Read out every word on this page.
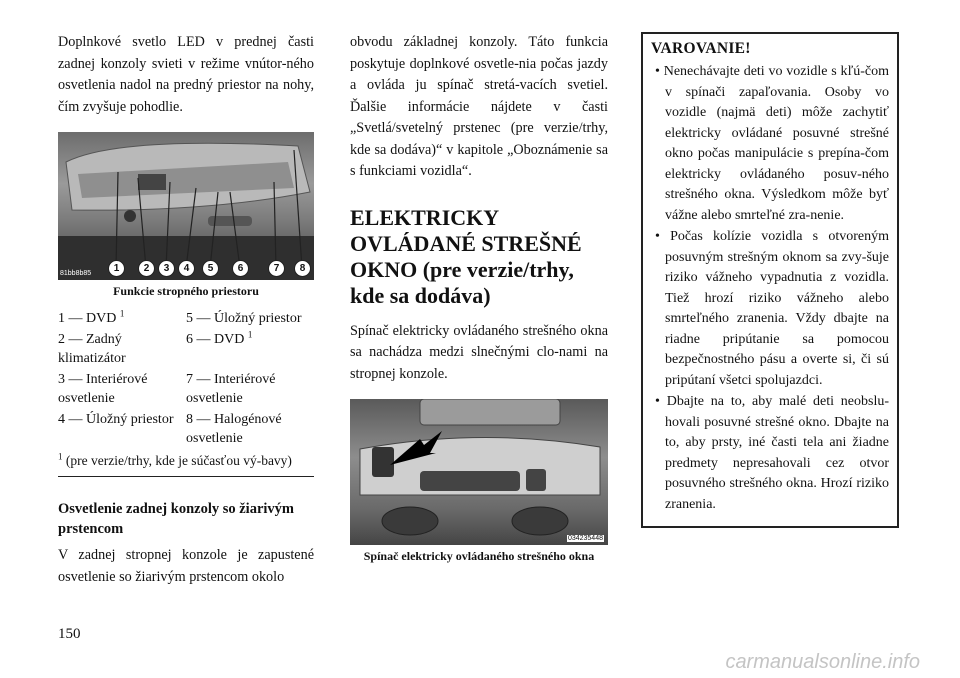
Doplnkové svetlo LED v prednej časti zadnej konzoly svieti v režime vnútor-ného osvetlenia nadol na predný priestor na nohy, čím zvyšuje pohodlie.

81bb8b85	1	2	3	4	5	6	7	8
Funkcie stropného priestoru
1 — DVD $^1$	5 — Úložný priestor
2 — Zadný klimatizátor	6 — DVD $^1$
3 — Interiérové osvetlenie	7 — Interiérové osvetlenie
4 — Úložný priestor	8 — Halogénové osvetlenie
$^1$ (pre verzie/trhy, kde je súčasťou vý-bavy)
Osvetlenie zadnej konzoly so žiarivým prstencom

V zadnej stropnej konzole je zapustené osvetlenie so žiarivým prstencom okolo

obvodu základnej konzoly. Táto funkcia poskytuje doplnkové osvetle-nia počas jazdy a ovláda ju spínač stretá-vacích svetiel. Ďalšie informácie nájdete v časti „Svetlá/svetelný prstenec (pre verzie/trhy, kde sa dodáva)“ v kapitole „Oboznámenie sa s funkciami vozidla“.

ELEKTRICKY OVLÁDANÉ STREŠNÉ OKNO (pre verzie/trhy, kde sa dodáva)

Spínač elektricky ovládaného strešného okna sa nachádza medzi slnečnými clo-nami na stropnej konzole.

034235448
Spínač elektricky ovládaného strešného okna
VAROVANIE!
• Nenechávajte deti vo vozidle s kľú-čom v spínači zapaľovania. Osoby vo vozidle (najmä deti) môže zachytiť elektricky ovládané posuvné strešné okno počas manipulácie s prepína-čom elektricky ovládaného posuv-ného strešného okna. Výsledkom môže byť vážne alebo smrteľné zra-nenie.
• Počas kolízie vozidla s otvoreným posuvným strešným oknom sa zvy-šuje riziko vážneho vypadnutia z vozidla. Tiež hrozí riziko vážneho alebo smrteľného zranenia. Vždy dbajte na riadne pripútanie sa pomocou bezpečnostného pásu a overte si, či sú pripútaní všetci spolujazdci.
• Dbajte na to, aby malé deti neobslu-hovali posuvné strešné okno. Dbajte na to, aby prsty, iné časti tela ani žiadne predmety nepresahovali cez otvor posuvného strešného okna. Hrozí riziko zranenia.
150
carmanualsonline.info
